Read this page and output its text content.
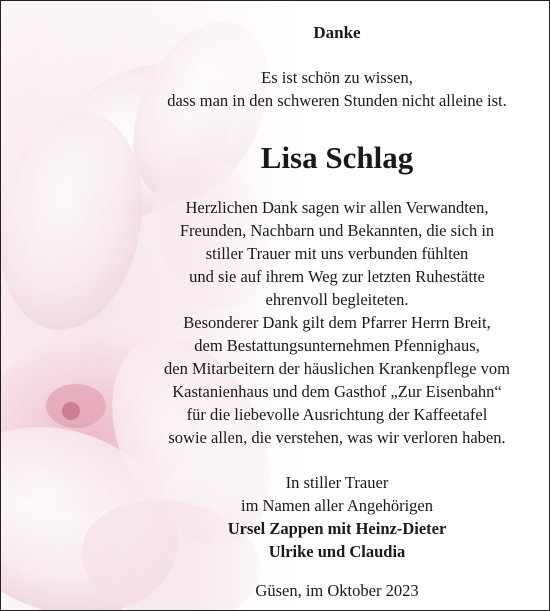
Danke
Es ist schön zu wissen,
dass man in den schweren Stunden nicht alleine ist.
Lisa Schlag
Herzlichen Dank sagen wir allen Verwandten,
Freunden, Nachbarn und Bekannten, die sich in
stiller Trauer mit uns verbunden fühlten
und sie auf ihrem Weg zur letzten Ruhestätte
ehrenvoll begleiteten.
Besonderer Dank gilt dem Pfarrer Herrn Breit,
dem Bestattungsunternehmen Pfennighaus,
den Mitarbeitern der häuslichen Krankenpflege vom
Kastanienhaus und dem Gasthof „Zur Eisenbahn“
für die liebevolle Ausrichtung der Kaffeetafel
sowie allen, die verstehen, was wir verloren haben.
In stiller Trauer
im Namen aller Angehörigen
Ursel Zappen mit Heinz-Dieter
Ulrike und Claudia
Güsen, im Oktober 2023
